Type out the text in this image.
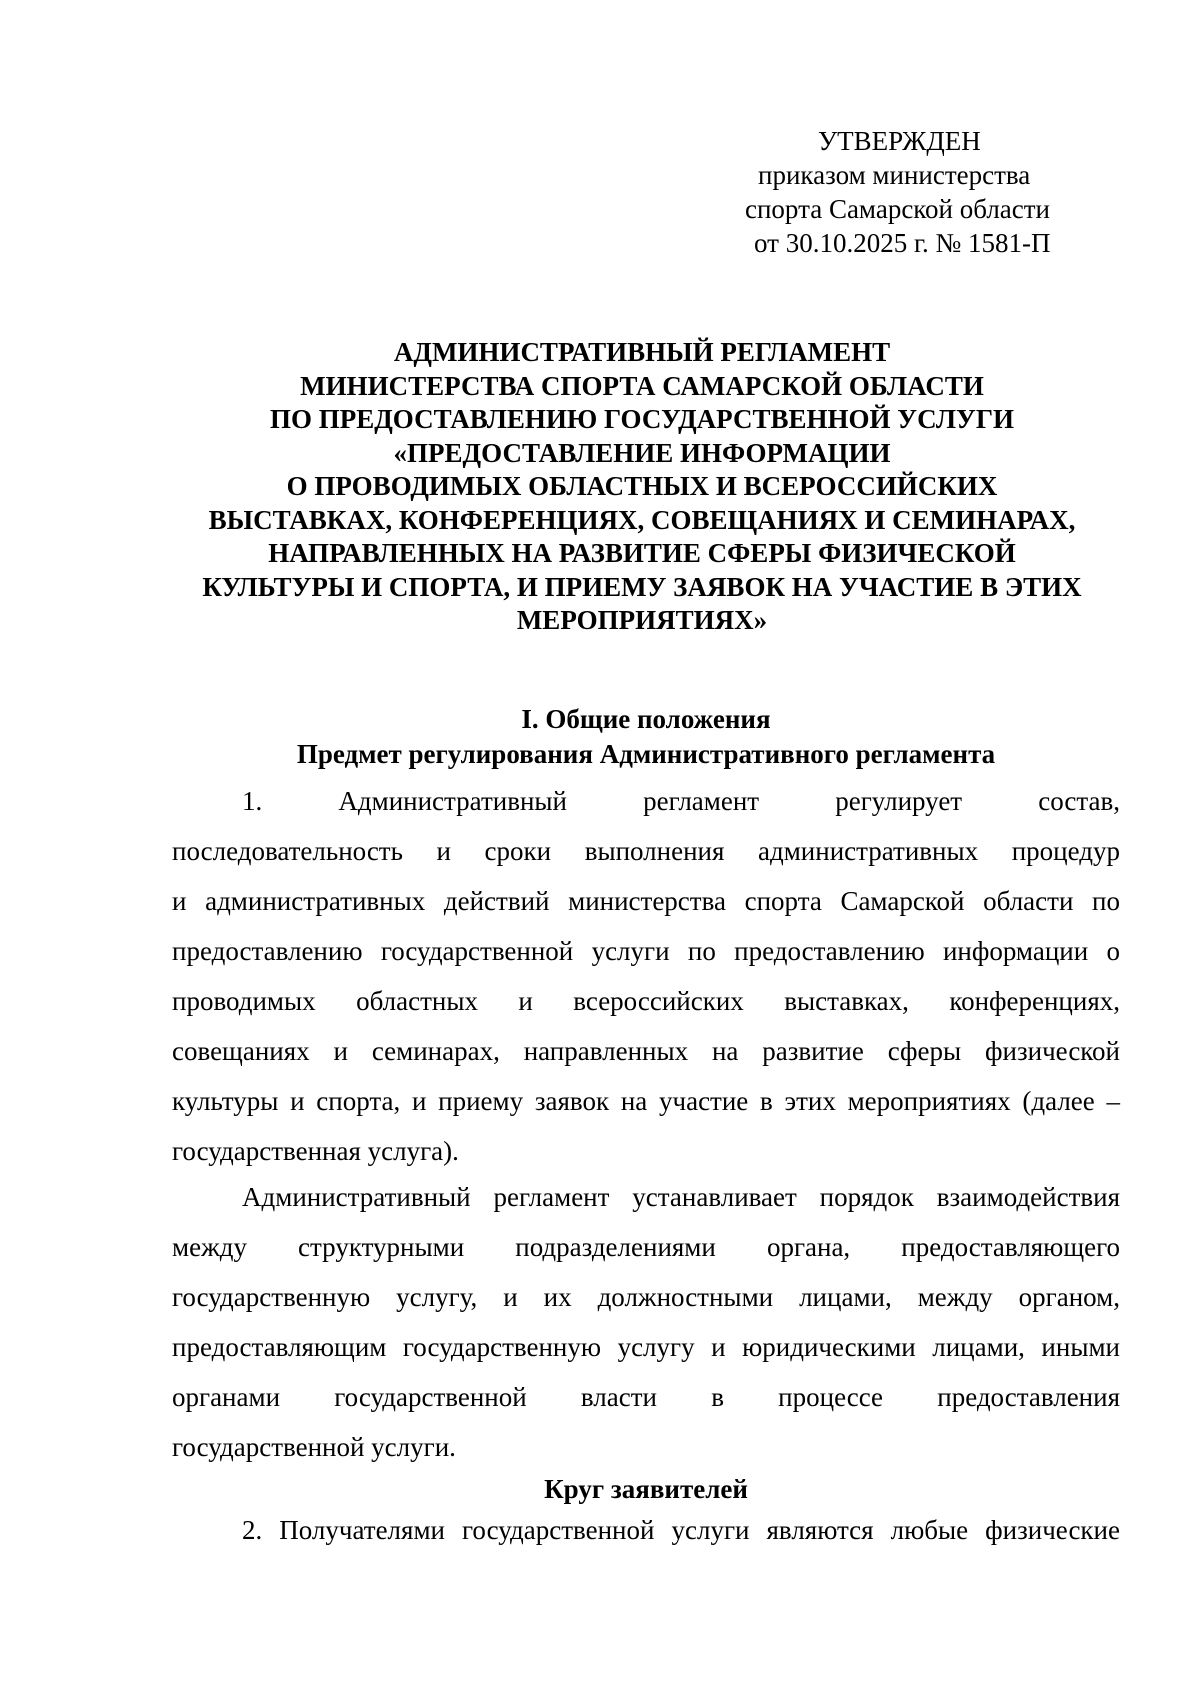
УТВЕРЖДЕН
приказом министерства
спорта Самарской области
от 30.10.2025 г. № 1581-П
АДМИНИСТРАТИВНЫЙ РЕГЛАМЕНТ
МИНИСТЕРСТВА СПОРТА САМАРСКОЙ ОБЛАСТИ
ПО ПРЕДОСТАВЛЕНИЮ ГОСУДАРСТВЕННОЙ УСЛУГИ
«ПРЕДОСТАВЛЕНИЕ ИНФОРМАЦИИ
О ПРОВОДИМЫХ ОБЛАСТНЫХ И ВСЕРОССИЙСКИХ
ВЫСТАВКАХ, КОНФЕРЕНЦИЯХ, СОВЕЩАНИЯХ И СЕМИНАРАХ,
НАПРАВЛЕННЫХ НА РАЗВИТИЕ СФЕРЫ ФИЗИЧЕСКОЙ
КУЛЬТУРЫ И СПОРТА, И ПРИЕМУ ЗАЯВОК НА УЧАСТИЕ В ЭТИХ
МЕРОПРИЯТИЯХ»
I. Общие положения
Предмет регулирования Административного регламента
1. Административный регламент регулирует состав,
последовательность и сроки выполнения административных процедур
и административных действий министерства спорта Самарской области по
предоставлению государственной услуги по предоставлению информации о
проводимых областных и всероссийских выставках, конференциях,
совещаниях и семинарах, направленных на развитие сферы физической
культуры и спорта, и приему заявок на участие в этих мероприятиях (далее –
государственная услуга).
Административный регламент устанавливает порядок взаимодействия
между структурными подразделениями органа, предоставляющего
государственную услугу, и их должностными лицами, между органом,
предоставляющим государственную услугу и юридическими лицами, иными
органами государственной власти в процессе предоставления
государственной услуги.
Круг заявителей
2. Получателями государственной услуги являются любые физические
